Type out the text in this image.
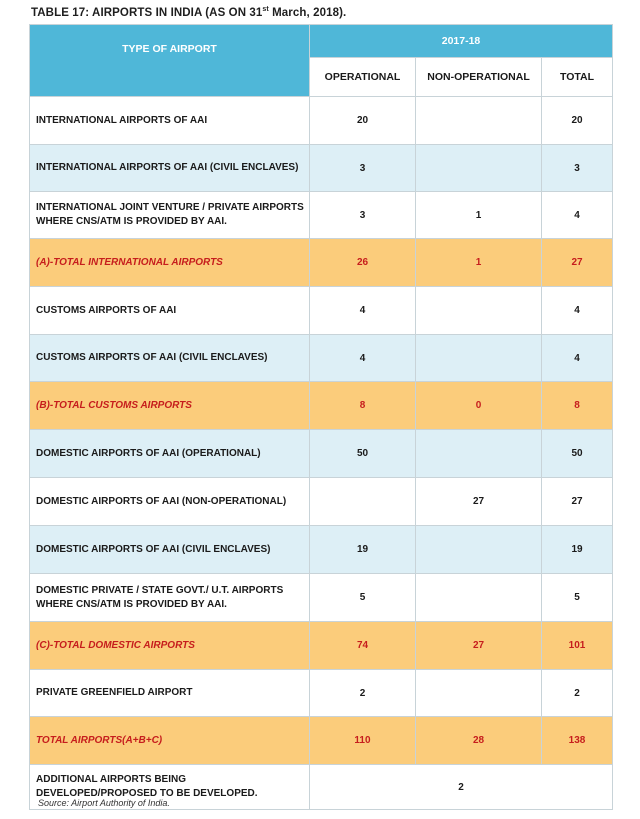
TABLE 17: AIRPORTS IN INDIA (AS ON 31st March, 2018).
TYPE OF AIRPORT	2017-18		
	OPERATIONAL	NON-OPERATIONAL	TOTAL
INTERNATIONAL AIRPORTS OF AAI	20		20
INTERNATIONAL AIRPORTS OF AAI (CIVIL ENCLAVES)	3		3
INTERNATIONAL JOINT VENTURE / PRIVATE AIRPORTS WHERE CNS/ATM IS PROVIDED BY AAI.	3	1	4
(A)-TOTAL INTERNATIONAL AIRPORTS	26	1	27
CUSTOMS AIRPORTS OF AAI	4		4
CUSTOMS AIRPORTS OF AAI (CIVIL ENCLAVES)	4		4
(B)-TOTAL CUSTOMS AIRPORTS	8	0	8
DOMESTIC AIRPORTS OF AAI (OPERATIONAL)	50		50
DOMESTIC AIRPORTS OF AAI (NON-OPERATIONAL)		27	27
DOMESTIC AIRPORTS OF AAI (CIVIL ENCLAVES)	19		19
DOMESTIC PRIVATE / STATE GOVT./ U.T. AIRPORTS WHERE CNS/ATM IS PROVIDED BY AAI.	5		5
(C)-TOTAL DOMESTIC AIRPORTS	74	27	101
PRIVATE GREENFIELD AIRPORT	2		2
TOTAL AIRPORTS(A+B+C)	110	28	138
ADDITIONAL AIRPORTS BEING DEVELOPED/PROPOSED TO BE DEVELOPED.	2		
Source: Airport Authority of India.
